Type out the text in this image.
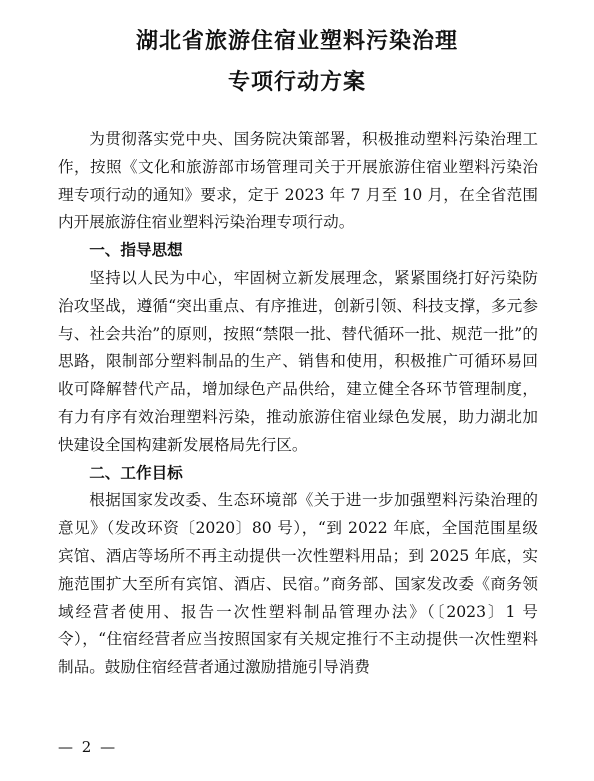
湖北省旅游住宿业塑料污染治理
专项行动方案

为贯彻落实党中央、国务院决策部署，积极推动塑料污染治理工作，按照《文化和旅游部市场管理司关于开展旅游住宿业塑料污染治理专项行动的通知》要求，定于 2023 年 7 月至 10 月，在全省范围内开展旅游住宿业塑料污染治理专项行动。

一、指导思想

坚持以人民为中心，牢固树立新发展理念，紧紧围绕打好污染防治攻坚战，遵循“突出重点、有序推进，创新引领、科技支撑，多元参与、社会共治”的原则，按照“禁限一批、替代循环一批、规范一批”的思路，限制部分塑料制品的生产、销售和使用，积极推广可循环易回收可降解替代产品，增加绿色产品供给，建立健全各环节管理制度，有力有序有效治理塑料污染，推动旅游住宿业绿色发展，助力湖北加快建设全国构建新发展格局先行区。

二、工作目标

根据国家发改委、生态环境部《关于进一步加强塑料污染治理的意见》（发改环资〔2020〕80 号），“到 2022 年底，全国范围星级宾馆、酒店等场所不再主动提供一次性塑料用品；到 2025 年底，实施范围扩大至所有宾馆、酒店、民宿。”商务部、国家发改委《商务领域经营者使用、报告一次性塑料制品管理办法》（〔2023〕1 号令），“住宿经营者应当按照国家有关规定推行不主动提供一次性塑料制品。鼓励住宿经营者通过激励措施引导消费

— 2 —
